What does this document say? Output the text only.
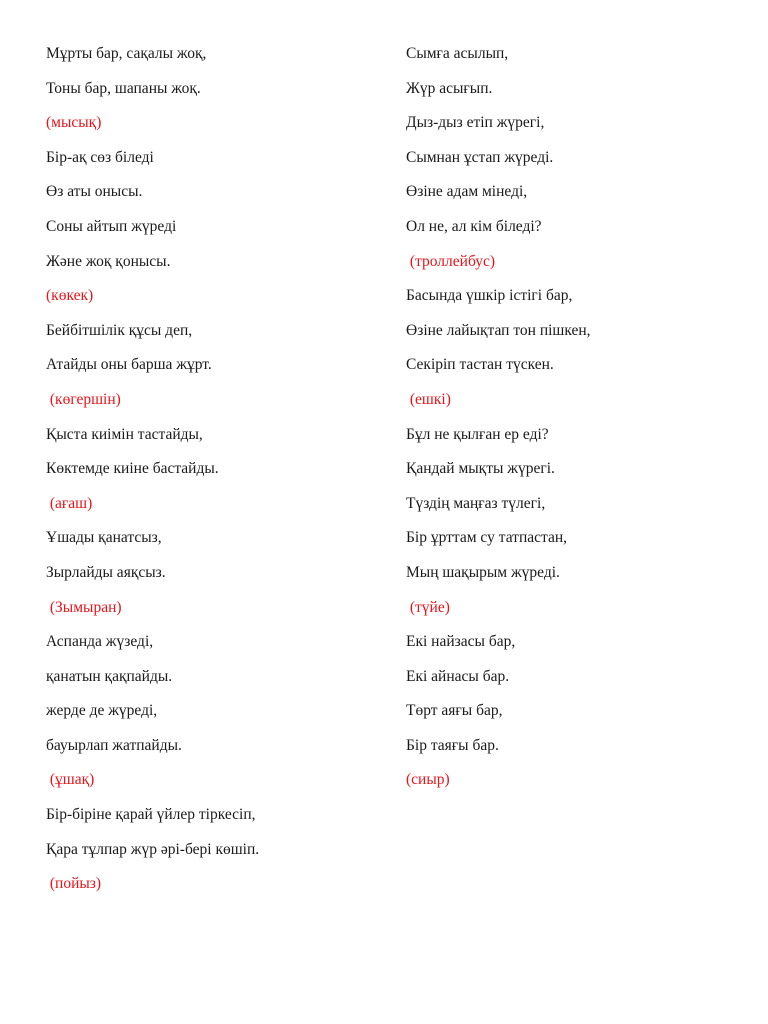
Мұрты бар, сақалы жоқ,
Тоны бар, шапаны жоқ.
(мысық)
Бір-ақ сөз біледі
Өз аты онысы.
Соны айтып жүреді
Және жоқ қонысы.
(көкек)
Бейбітшілік құсы деп,
Атайды оны барша жұрт.
(көгершін)
Қыста киімін тастайды,
Көктемде киіне бастайды.
(ағаш)
Ұшады қанатсыз,
Зырлайды аяқсыз.
(Зымыран)
Аспанда жүзеді,
қанатын қақпайды.
жерде де жүреді,
бауырлап жатпайды.
(ұшақ)
Бір-біріне қарай үйлер тіркесіп,
Қара тұлпар жүр әрі-бері көшіп.
(пойыз)
Сымға асылып,
Жүр асығып.
Дыз-дыз етіп жүрегі,
Сымнан ұстап жүреді.
Өзіне адам мінеді,
Ол не, ал кім біледі?
(троллейбус)
Басында үшкір істігі бар,
Өзіне лайықтап тон пішкен,
Секіріп тастан түскен.
(ешкі)
Бұл не қылған ер еді?
Қандай мықты жүрегі.
Түздің маңғаз түлегі,
Бір ұрттам су татпастан,
Мың шақырым жүреді.
(түйе)
Екі найзасы бар,
Екі айнасы бар.
Төрт аяғы бар,
Бір таяғы бар.
(сиыр)
